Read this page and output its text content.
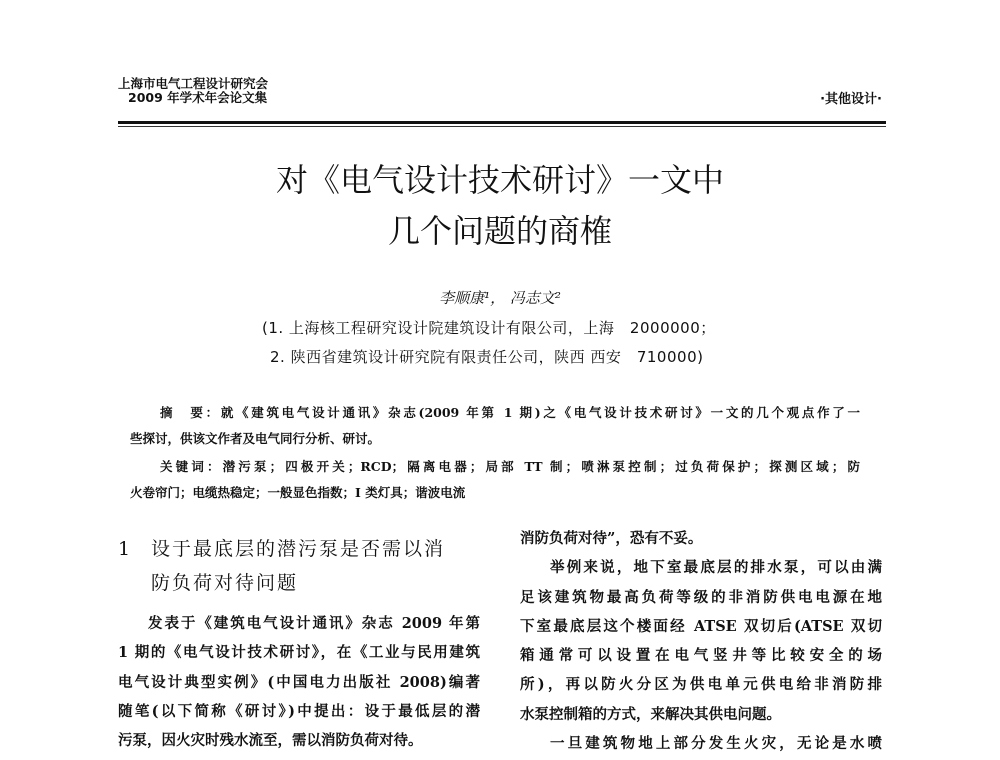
上海市电气工程设计研究会
2009 年学术年会论文集	·其他设计·
对《电气设计技术研讨》一文中
几个问题的商榷
李顺康¹， 冯志文²
(1. 上海核工程研究设计院建筑设计有限公司，上海　2000000；
2. 陕西省建筑设计研究院有限责任公司，陕西 西安　710000)
摘　要：就《建筑电气设计通讯》杂志(2009 年第 1 期)之《电气设计技术研讨》一文的几个观点作了一
些探讨，供该文作者及电气同行分析、研讨。
关键词：潜污泵；四极开关；RCD；隔离电器；局部 TT 制；喷淋泵控制；过负荷保护；探测区域；防
火卷帘门；电缆热稳定；一般显色指数；I 类灯具；谐波电流
1 设于最底层的潜污泵是否需以消
防负荷对待问题
发表于《建筑电气设计通讯》杂志 2009 年第
1 期的《电气设计技术研讨》，在《工业与民用建筑
电气设计典型实例》(中国电力出版社 2008)编著
随笔(以下简称《研讨》)中提出：设于最低层的潜
污泵，因火灾时残水流至，需以消防负荷对待。
消防负荷对待”，恐有不妥。
举例来说，地下室最底层的排水泵，可以由满
足该建筑物最高负荷等级的非消防供电电源在地
下室最底层这个楼面经 ATSE 双切后(ATSE 双切
箱通常可以设置在电气竖井等比较安全的场
所)，再以防火分区为供电单元供电给非消防排
水泵控制箱的方式，来解决其供电问题。
一旦建筑物地上部分发生火灾，无论是水喷
